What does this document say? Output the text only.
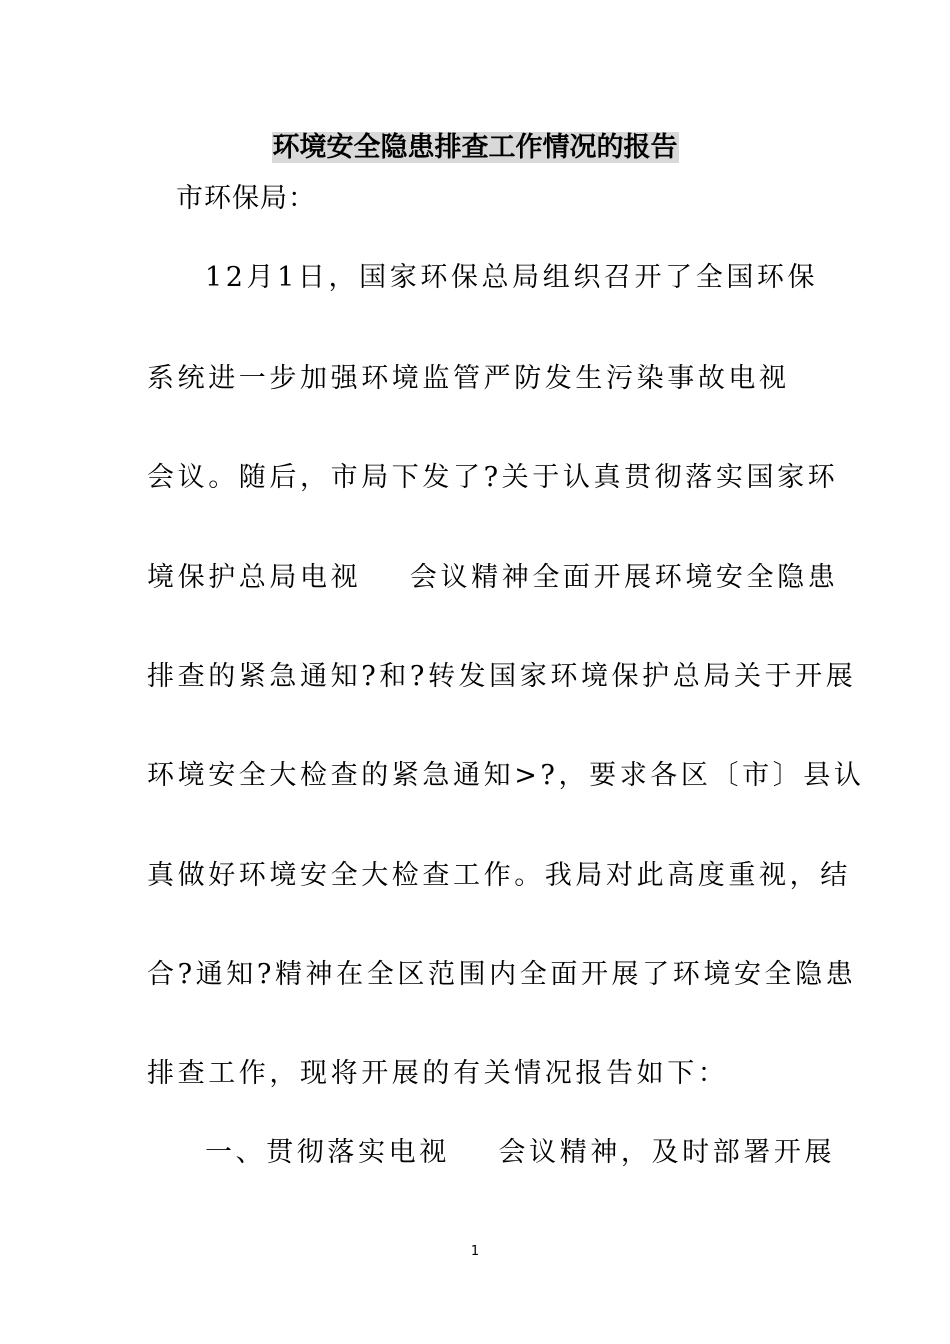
环境安全隐患排查工作情况的报告
市环保局：
12月1日，国家环保总局组织召开了全国环保
系统进一步加强环境监管严防发生污染事故电视
会议。随后，市局下发了?关于认真贯彻落实国家环
境保护总局电视    会议精神全面开展环境安全隐患
排查的紧急通知?和?转发国家环境保护总局关于开展
环境安全大检查的紧急通知>?，要求各区〔市〕县认
真做好环境安全大检查工作。我局对此高度重视，结
合?通知?精神在全区范围内全面开展了环境安全隐患
排查工作，现将开展的有关情况报告如下：
一、贯彻落实电视    会议精神，及时部署开展
1
